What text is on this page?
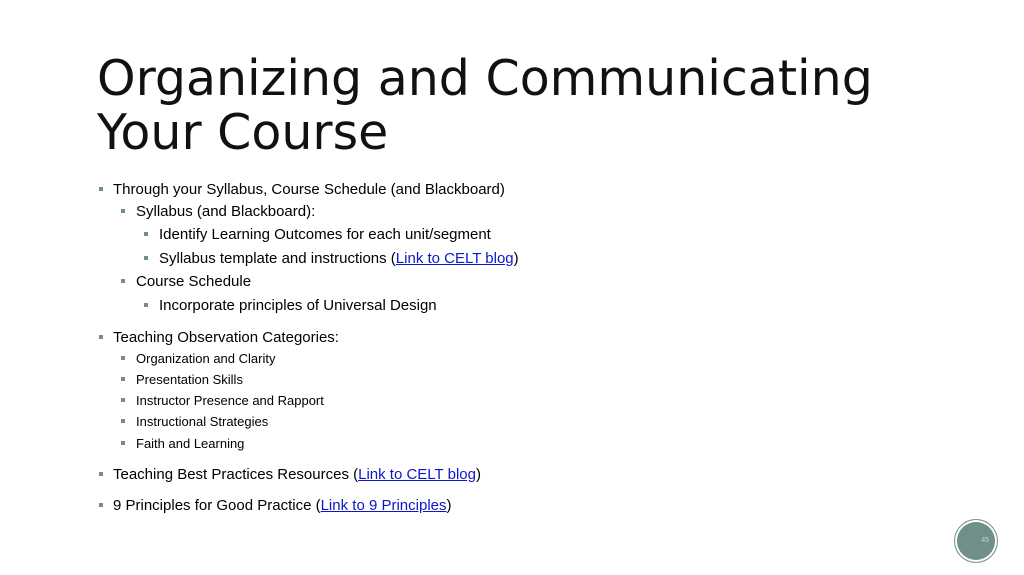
Organizing and Communicating
Your Course
Through your Syllabus, Course Schedule (and Blackboard)
Syllabus (and Blackboard):
Identify Learning Outcomes for each unit/segment
Syllabus template and instructions (Link to CELT blog)
Course Schedule
Incorporate principles of Universal Design
Teaching Observation Categories:
Organization and Clarity
Presentation Skills
Instructor Presence and Rapport
Instructional Strategies
Faith and Learning
Teaching Best Practices Resources (Link to CELT blog)
9 Principles for Good Practice (Link to 9 Principles)
45
